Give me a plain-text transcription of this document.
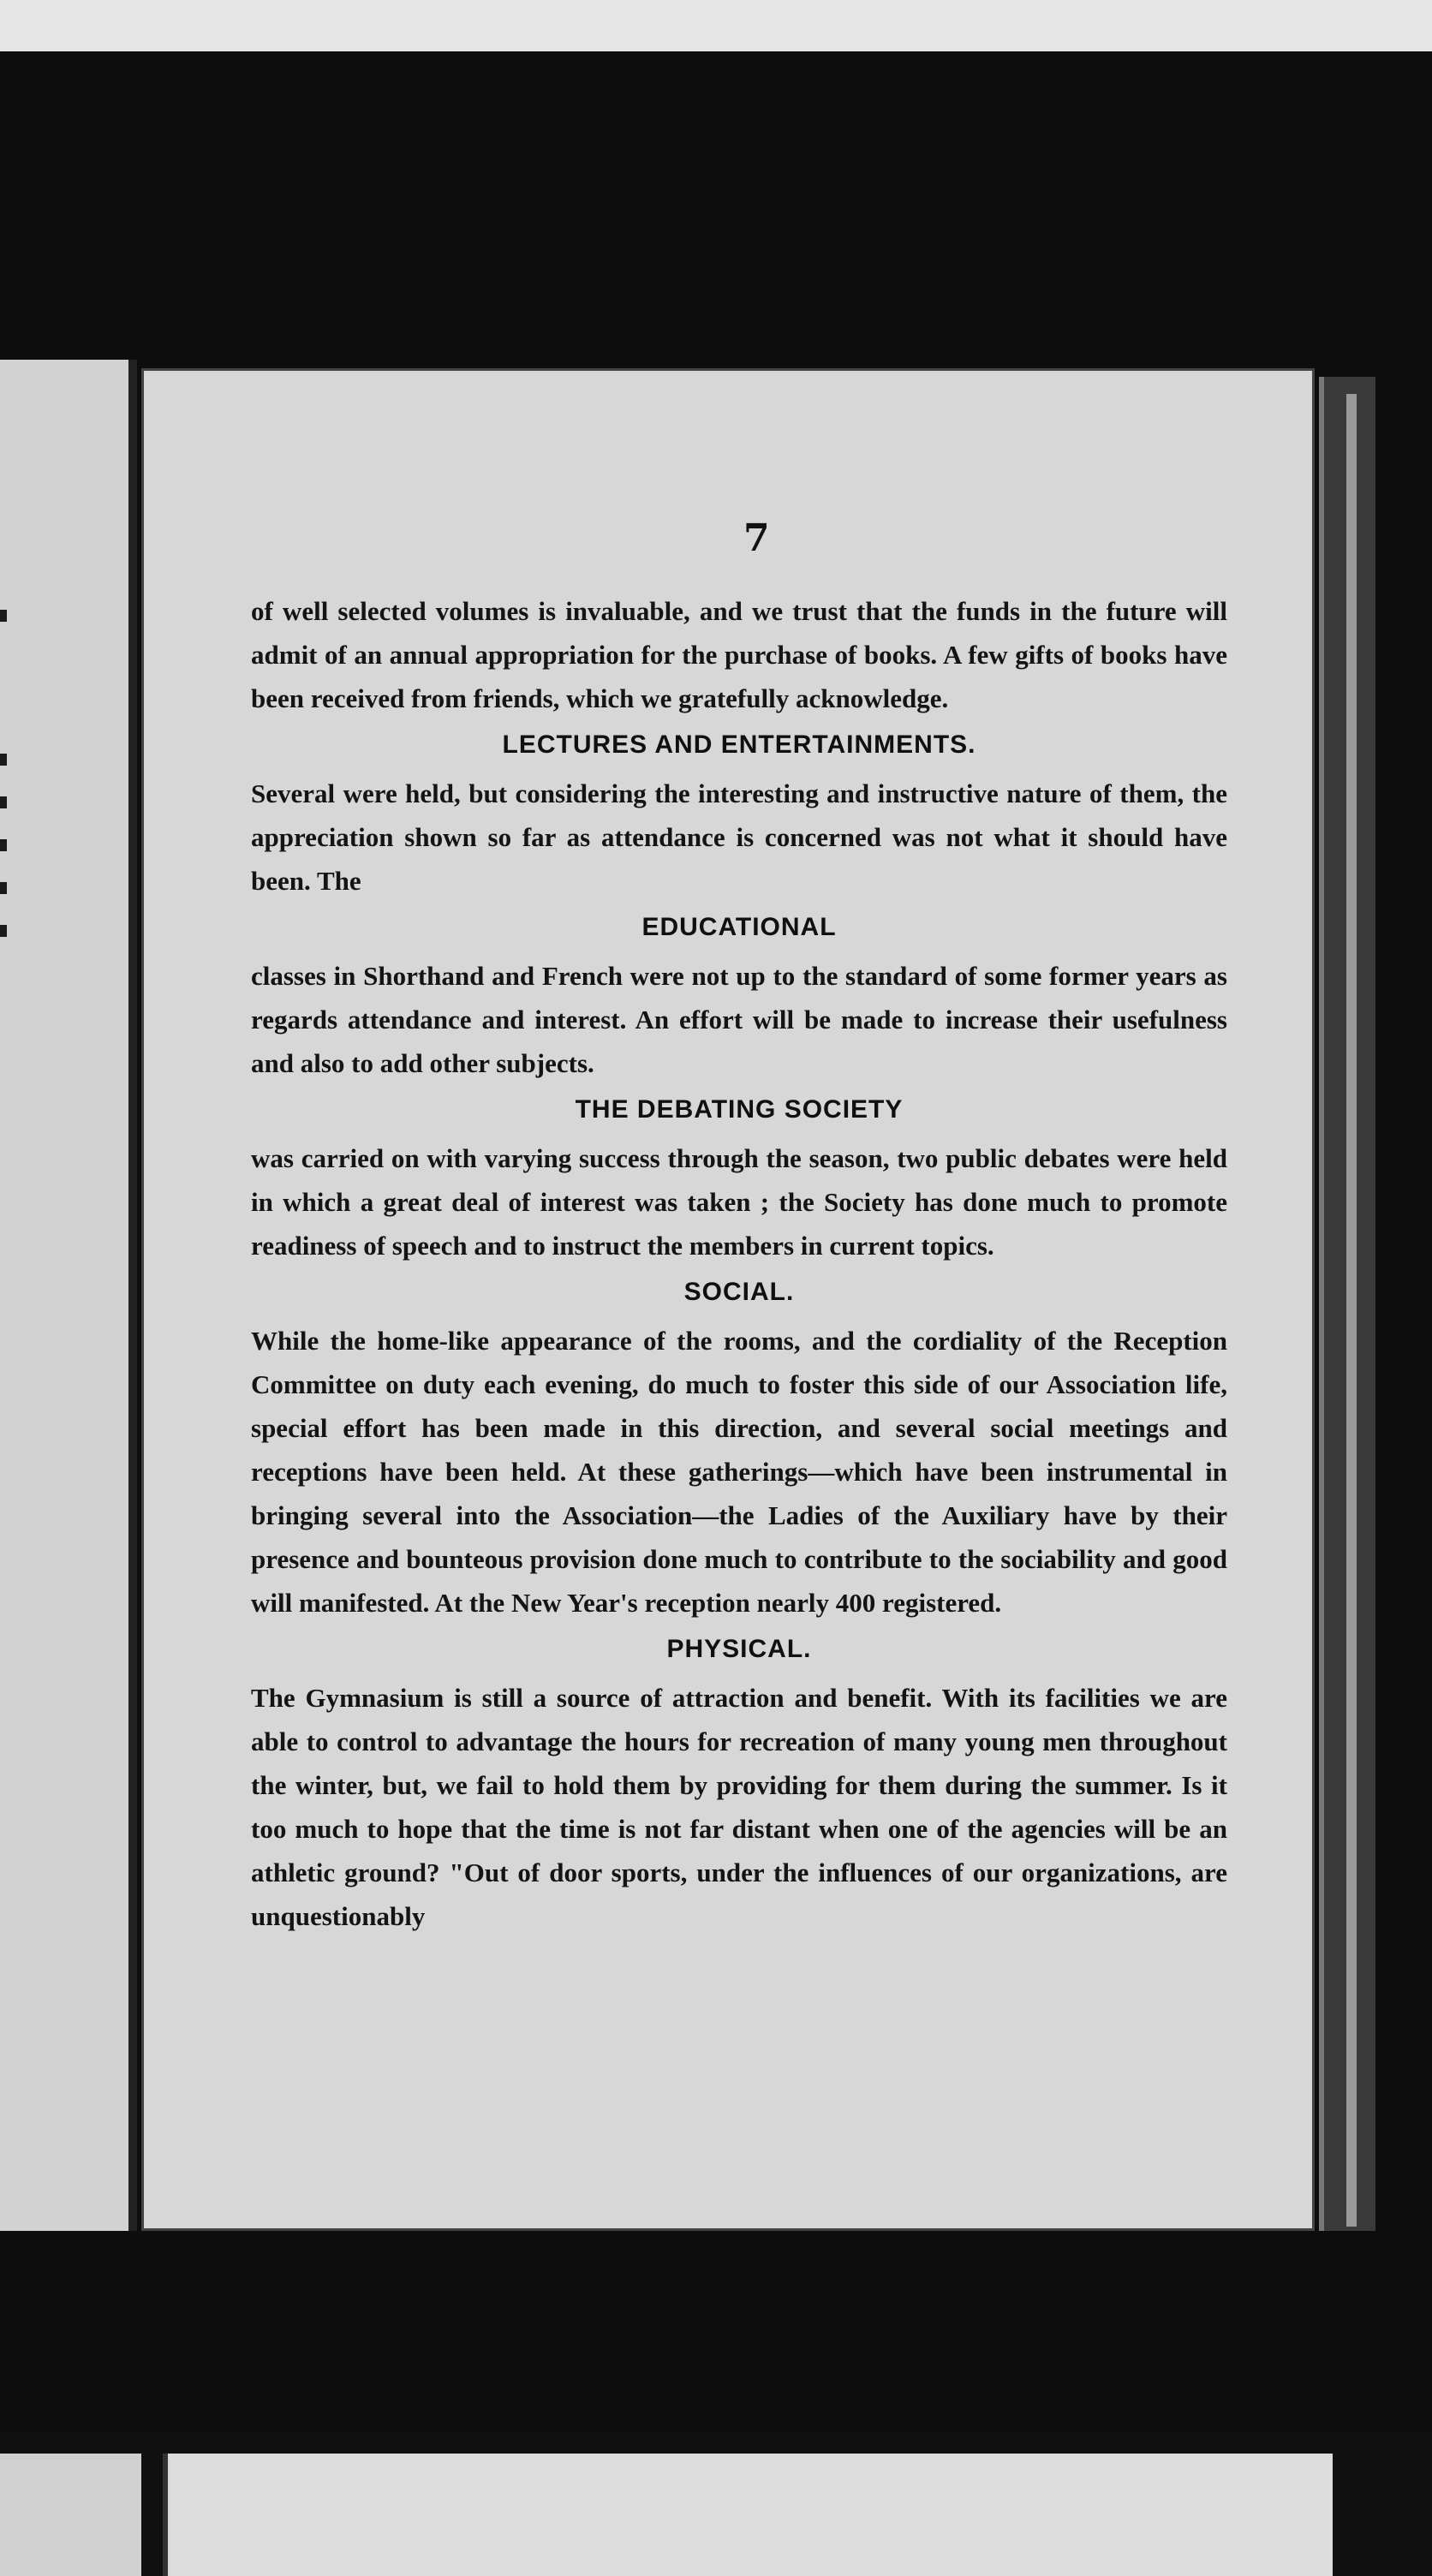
7

of well selected volumes is invaluable, and we trust that the funds in the future will admit of an annual appropriation for the purchase of books. A few gifts of books have been received from friends, which we gratefully acknowledge.

LECTURES AND ENTERTAINMENTS.

Several were held, but considering the interesting and instructive nature of them, the appreciation shown so far as attendance is concerned was not what it should have been. The

EDUCATIONAL

classes in Shorthand and French were not up to the standard of some former years as regards attendance and interest. An effort will be made to increase their usefulness and also to add other subjects.

THE DEBATING SOCIETY

was carried on with varying success through the season, two public debates were held in which a great deal of interest was taken ; the Society has done much to promote readiness of speech and to instruct the members in current topics.

SOCIAL.

While the home-like appearance of the rooms, and the cordiality of the Reception Committee on duty each evening, do much to foster this side of our Association life, special effort has been made in this direction, and several social meetings and receptions have been held. At these gatherings—which have been instrumental in bringing several into the Association—the Ladies of the Auxiliary have by their presence and bounteous provision done much to contribute to the sociability and good will manifested. At the New Year's reception nearly 400 registered.

PHYSICAL.

The Gymnasium is still a source of attraction and benefit. With its facilities we are able to control to advantage the hours for recreation of many young men throughout the winter, but, we fail to hold them by providing for them during the summer. Is it too much to hope that the time is not far distant when one of the agencies will be an athletic ground? "Out of door sports, under the influences of our organizations, are unquestionably
